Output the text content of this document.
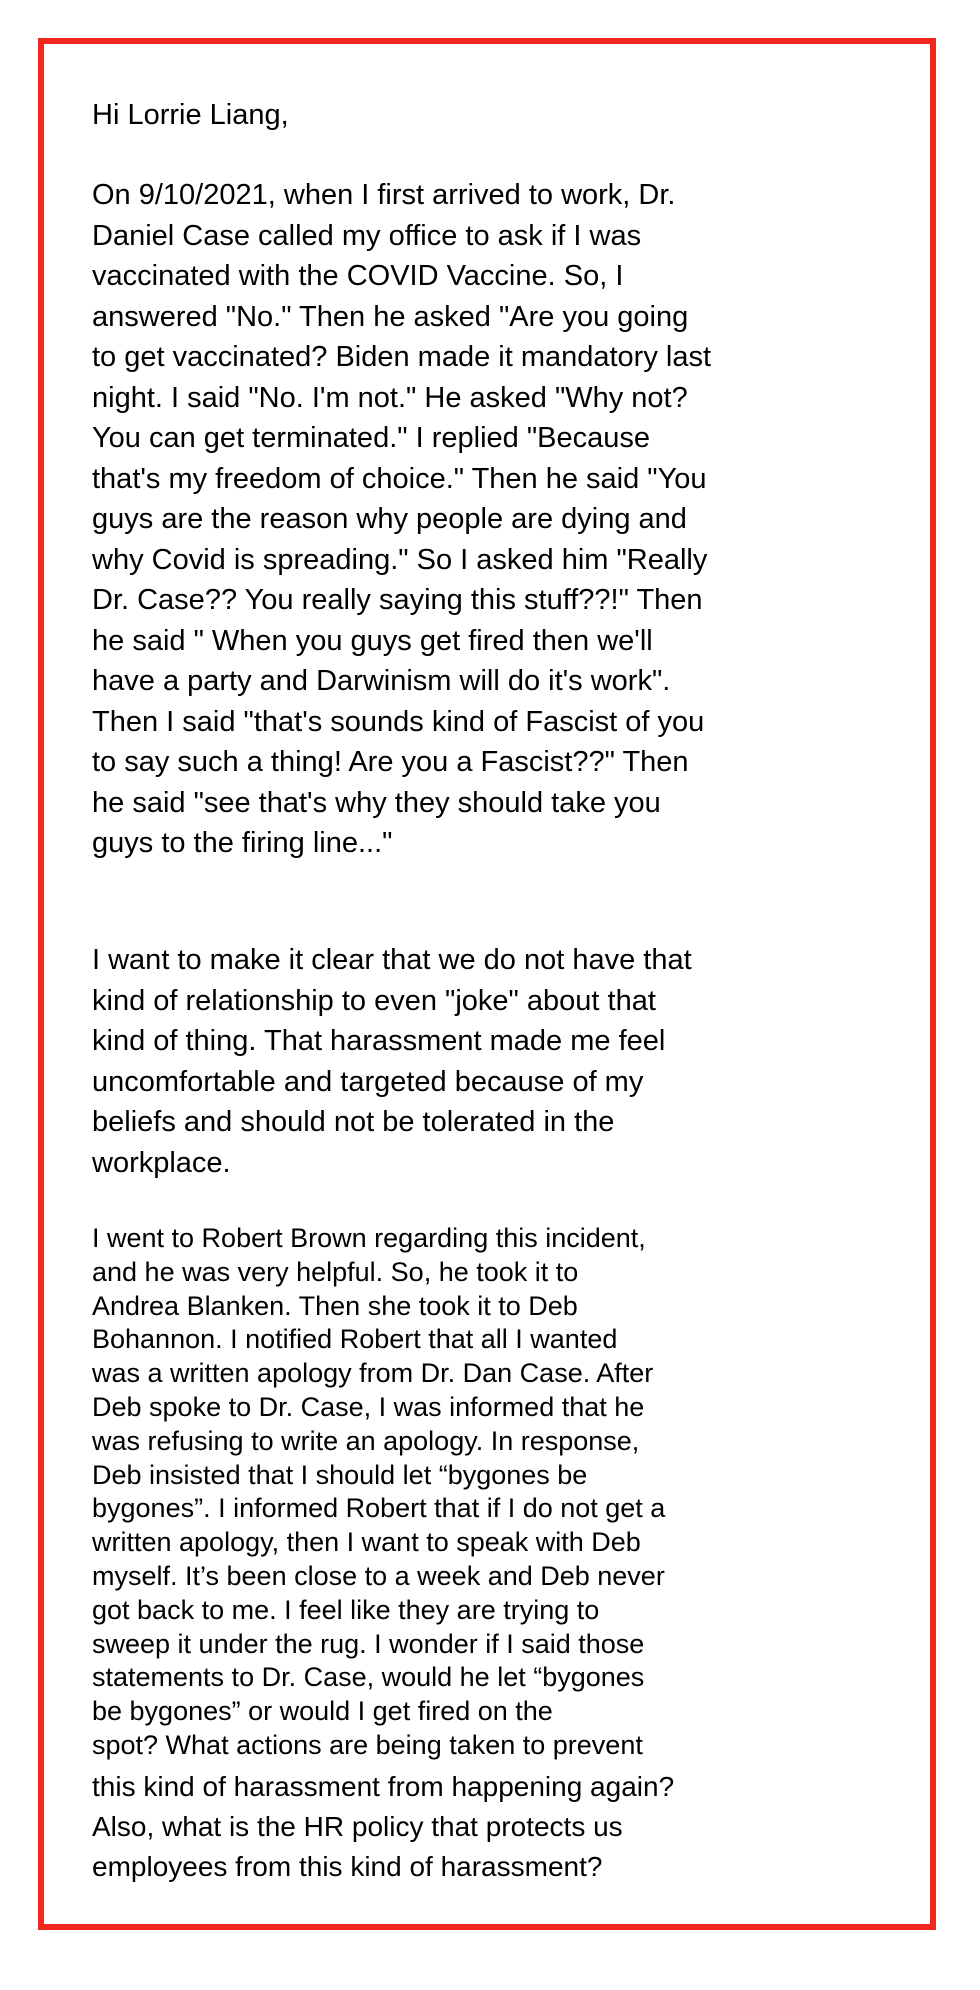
Hi Lorrie Liang,

On 9/10/2021, when I first arrived to work, Dr.
Daniel Case called my office to ask if I was
vaccinated with the COVID Vaccine. So, I
answered "No." Then he asked "Are you going
to get vaccinated? Biden made it mandatory last
night. I said "No. I'm not." He asked "Why not?
You can get terminated." I replied "Because
that's my freedom of choice." Then he said "You
guys are the reason why people are dying and
why Covid is spreading." So I asked him "Really
Dr. Case?? You really saying this stuff??!" Then
he said " When you guys get fired then we'll
have a party and Darwinism will do it's work".
Then I said "that's sounds kind of Fascist of you
to say such a thing! Are you a Fascist??" Then
he said "see that's why they should take you
guys to the firing line..."

I want to make it clear that we do not have that
kind of relationship to even "joke" about that
kind of thing. That harassment made me feel
uncomfortable and targeted because of my
beliefs and should not be tolerated in the
workplace.

I went to Robert Brown regarding this incident,
and he was very helpful. So, he took it to
Andrea Blanken. Then she took it to Deb
Bohannon. I notified Robert that all I wanted
was a written apology from Dr. Dan Case. After
Deb spoke to Dr. Case, I was informed that he
was refusing to write an apology. In response,
Deb insisted that I should let “bygones be
bygones”. I informed Robert that if I do not get a
written apology, then I want to speak with Deb
myself. It’s been close to a week and Deb never
got back to me. I feel like they are trying to
sweep it under the rug. I wonder if I said those
statements to Dr. Case, would he let “bygones
be bygones” or would I get fired on the
spot? What actions are being taken to prevent
this kind of harassment from happening again?
Also, what is the HR policy that protects us
employees from this kind of harassment?
